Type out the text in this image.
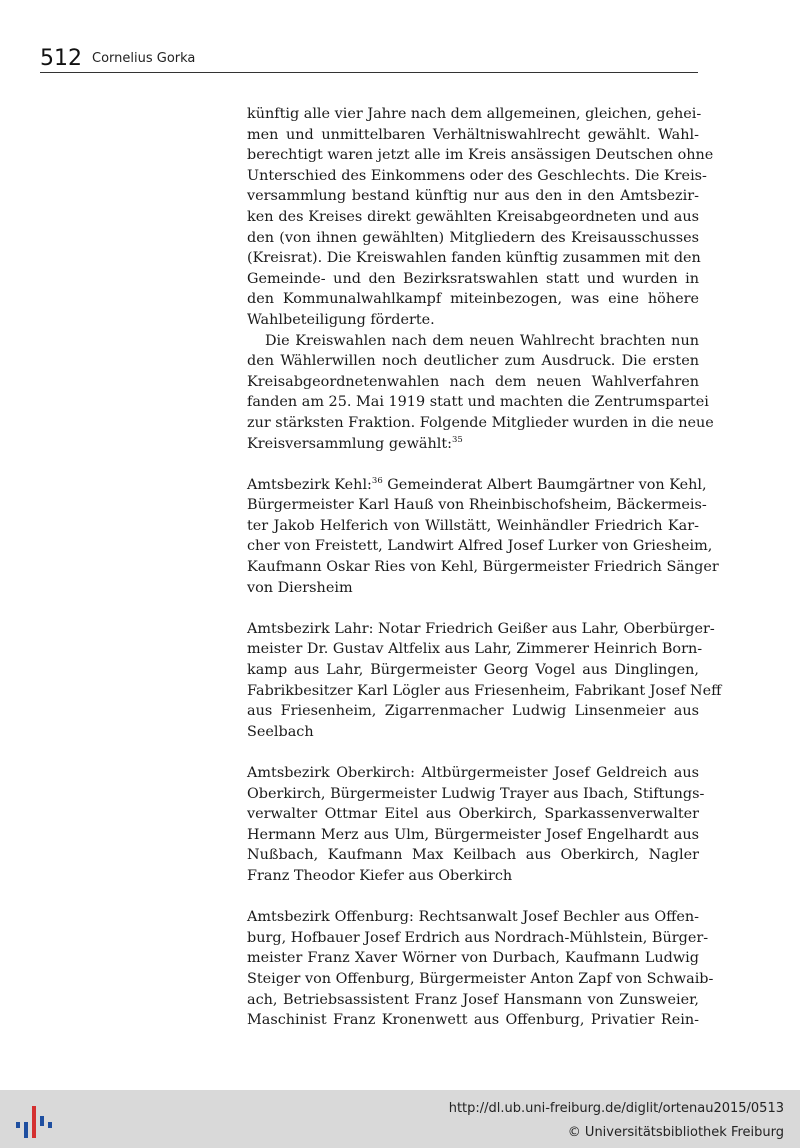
512 Cornelius Gorka

künftig alle vier Jahre nach dem allgemeinen, gleichen, gehei-
men und unmittelbaren Verhältniswahlrecht gewählt. Wahl-
berechtigt waren jetzt alle im Kreis ansässigen Deutschen ohne
Unterschied des Einkommens oder des Geschlechts. Die Kreis-
versammlung bestand künftig nur aus den in den Amtsbezir-
ken des Kreises direkt gewählten Kreisabgeordneten und aus
den (von ihnen gewählten) Mitgliedern des Kreisausschusses
(Kreisrat). Die Kreiswahlen fanden künftig zusammen mit den
Gemeinde- und den Bezirksratswahlen statt und wurden in
den Kommunalwahlkampf miteinbezogen, was eine höhere
Wahlbeteiligung förderte.

Die Kreiswahlen nach dem neuen Wahlrecht brachten nun
den Wählerwillen noch deutlicher zum Ausdruck. Die ersten
Kreisabgeordnetenwahlen nach dem neuen Wahlverfahren
fanden am 25. Mai 1919 statt und machten die Zentrumspartei
zur stärksten Fraktion. Folgende Mitglieder wurden in die neue
Kreisversammlung gewählt:$^{35}$

Amtsbezirk Kehl:$^{36}$ Gemeinderat Albert Baumgärtner von Kehl,
Bürgermeister Karl Hauß von Rheinbischofsheim, Bäckermeis-
ter Jakob Helferich von Willstätt, Weinhändler Friedrich Kar-
cher von Freistett, Landwirt Alfred Josef Lurker von Griesheim,
Kaufmann Oskar Ries von Kehl, Bürgermeister Friedrich Sänger
von Diersheim

Amtsbezirk Lahr: Notar Friedrich Geißer aus Lahr, Oberbürger-
meister Dr. Gustav Altfelix aus Lahr, Zimmerer Heinrich Born-
kamp aus Lahr, Bürgermeister Georg Vogel aus Dinglingen,
Fabrikbesitzer Karl Lögler aus Friesenheim, Fabrikant Josef Neff
aus Friesenheim, Zigarrenmacher Ludwig Linsenmeier aus
Seelbach

Amtsbezirk Oberkirch: Altbürgermeister Josef Geldreich aus
Oberkirch, Bürgermeister Ludwig Trayer aus Ibach, Stiftungs-
verwalter Ottmar Eitel aus Oberkirch, Sparkassenverwalter
Hermann Merz aus Ulm, Bürgermeister Josef Engelhardt aus
Nußbach, Kaufmann Max Keilbach aus Oberkirch, Nagler
Franz Theodor Kiefer aus Oberkirch

Amtsbezirk Offenburg: Rechtsanwalt Josef Bechler aus Offen-
burg, Hofbauer Josef Erdrich aus Nordrach-Mühlstein, Bürger-
meister Franz Xaver Wörner von Durbach, Kaufmann Ludwig
Steiger von Offenburg, Bürgermeister Anton Zapf von Schwaib-
ach, Betriebsassistent Franz Josef Hansmann von Zunsweier,
Maschinist Franz Kronenwett aus Offenburg, Privatier Rein-

http://dl.ub.uni-freiburg.de/diglit/ortenau2015/0513
© Universitätsbibliothek Freiburg
